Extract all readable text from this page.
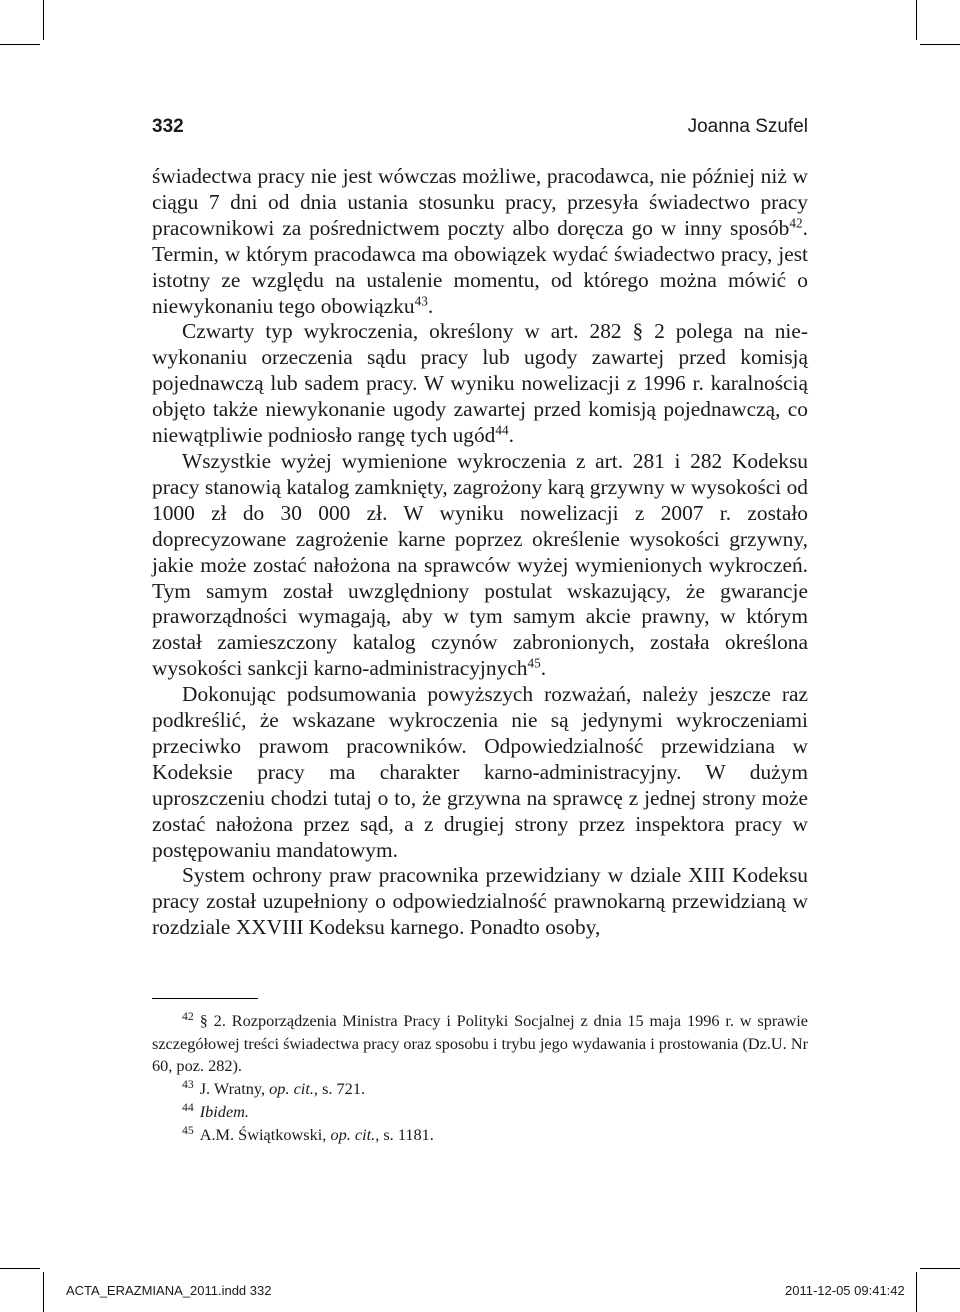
332	Joanna Szufel

świadectwa pracy nie jest wówczas możliwe, pracodawca, nie później niż w ciągu 7 dni od dnia ustania stosunku pracy, przesyła świadectwo pracy pracownikowi za pośrednictwem poczty albo doręcza go w inny sposób$^{42}$. Termin, w którym pracodawca ma obowiązek wydać świadectwo pracy, jest istotny ze względu na ustalenie momentu, od którego można mówić o niewykonaniu tego obowiązku$^{43}$.

Czwarty typ wykroczenia, określony w art. 282 § 2 polega na niewykonaniu orzeczenia sądu pracy lub ugody zawartej przed komisją pojednawczą lub sadem pracy. W wyniku nowelizacji z 1996 r. karalnością objęto także niewykonanie ugody zawartej przed komisją pojednawczą, co niewątpliwie podniosło rangę tych ugód$^{44}$.

Wszystkie wyżej wymienione wykroczenia z art. 281 i 282 Kodeksu pracy stanowią katalog zamknięty, zagrożony karą grzywny w wysokości od 1000 zł do 30 000 zł. W wyniku nowelizacji z 2007 r. zostało doprecyzowane zagrożenie karne poprzez określenie wysokości grzywny, jakie może zostać nałożona na sprawców wyżej wymienionych wykroczeń. Tym samym został uwzględniony postulat wskazujący, że gwarancje praworządności wymagają, aby w tym samym akcie prawny, w którym został zamieszczony katalog czynów zabronionych, została określona wysokości sankcji karno-administracyjnych$^{45}$.

Dokonując podsumowania powyższych rozważań, należy jeszcze raz podkreślić, że wskazane wykroczenia nie są jedynymi wykroczeniami przeciwko prawom pracowników. Odpowiedzialność przewidziana w Kodeksie pracy ma charakter karno-administracyjny. W dużym uproszczeniu chodzi tutaj o to, że grzywna na sprawcę z jednej strony może zostać nałożona przez sąd, a z drugiej strony przez inspektora pracy w postępowaniu mandatowym.

System ochrony praw pracownika przewidziany w dziale XIII Kodeksu pracy został uzupełniony o odpowiedzialność prawnokarną przewidzianą w rozdziale XXVIII Kodeksu karnego. Ponadto osoby,

$^{42}$ § 2. Rozporządzenia Ministra Pracy i Polityki Socjalnej z dnia 15 maja 1996 r. w sprawie szczegółowej treści świadectwa pracy oraz sposobu i trybu jego wydawania i prostowania (Dz.U. Nr 60, poz. 282).

$^{43}$ J. Wratny, op. cit., s. 721.

$^{44}$ Ibidem.

$^{45}$ A.M. Świątkowski, op. cit., s. 1181.

ACTA_ERAZMIANA_2011.indd 332	2011-12-05 09:41:42
